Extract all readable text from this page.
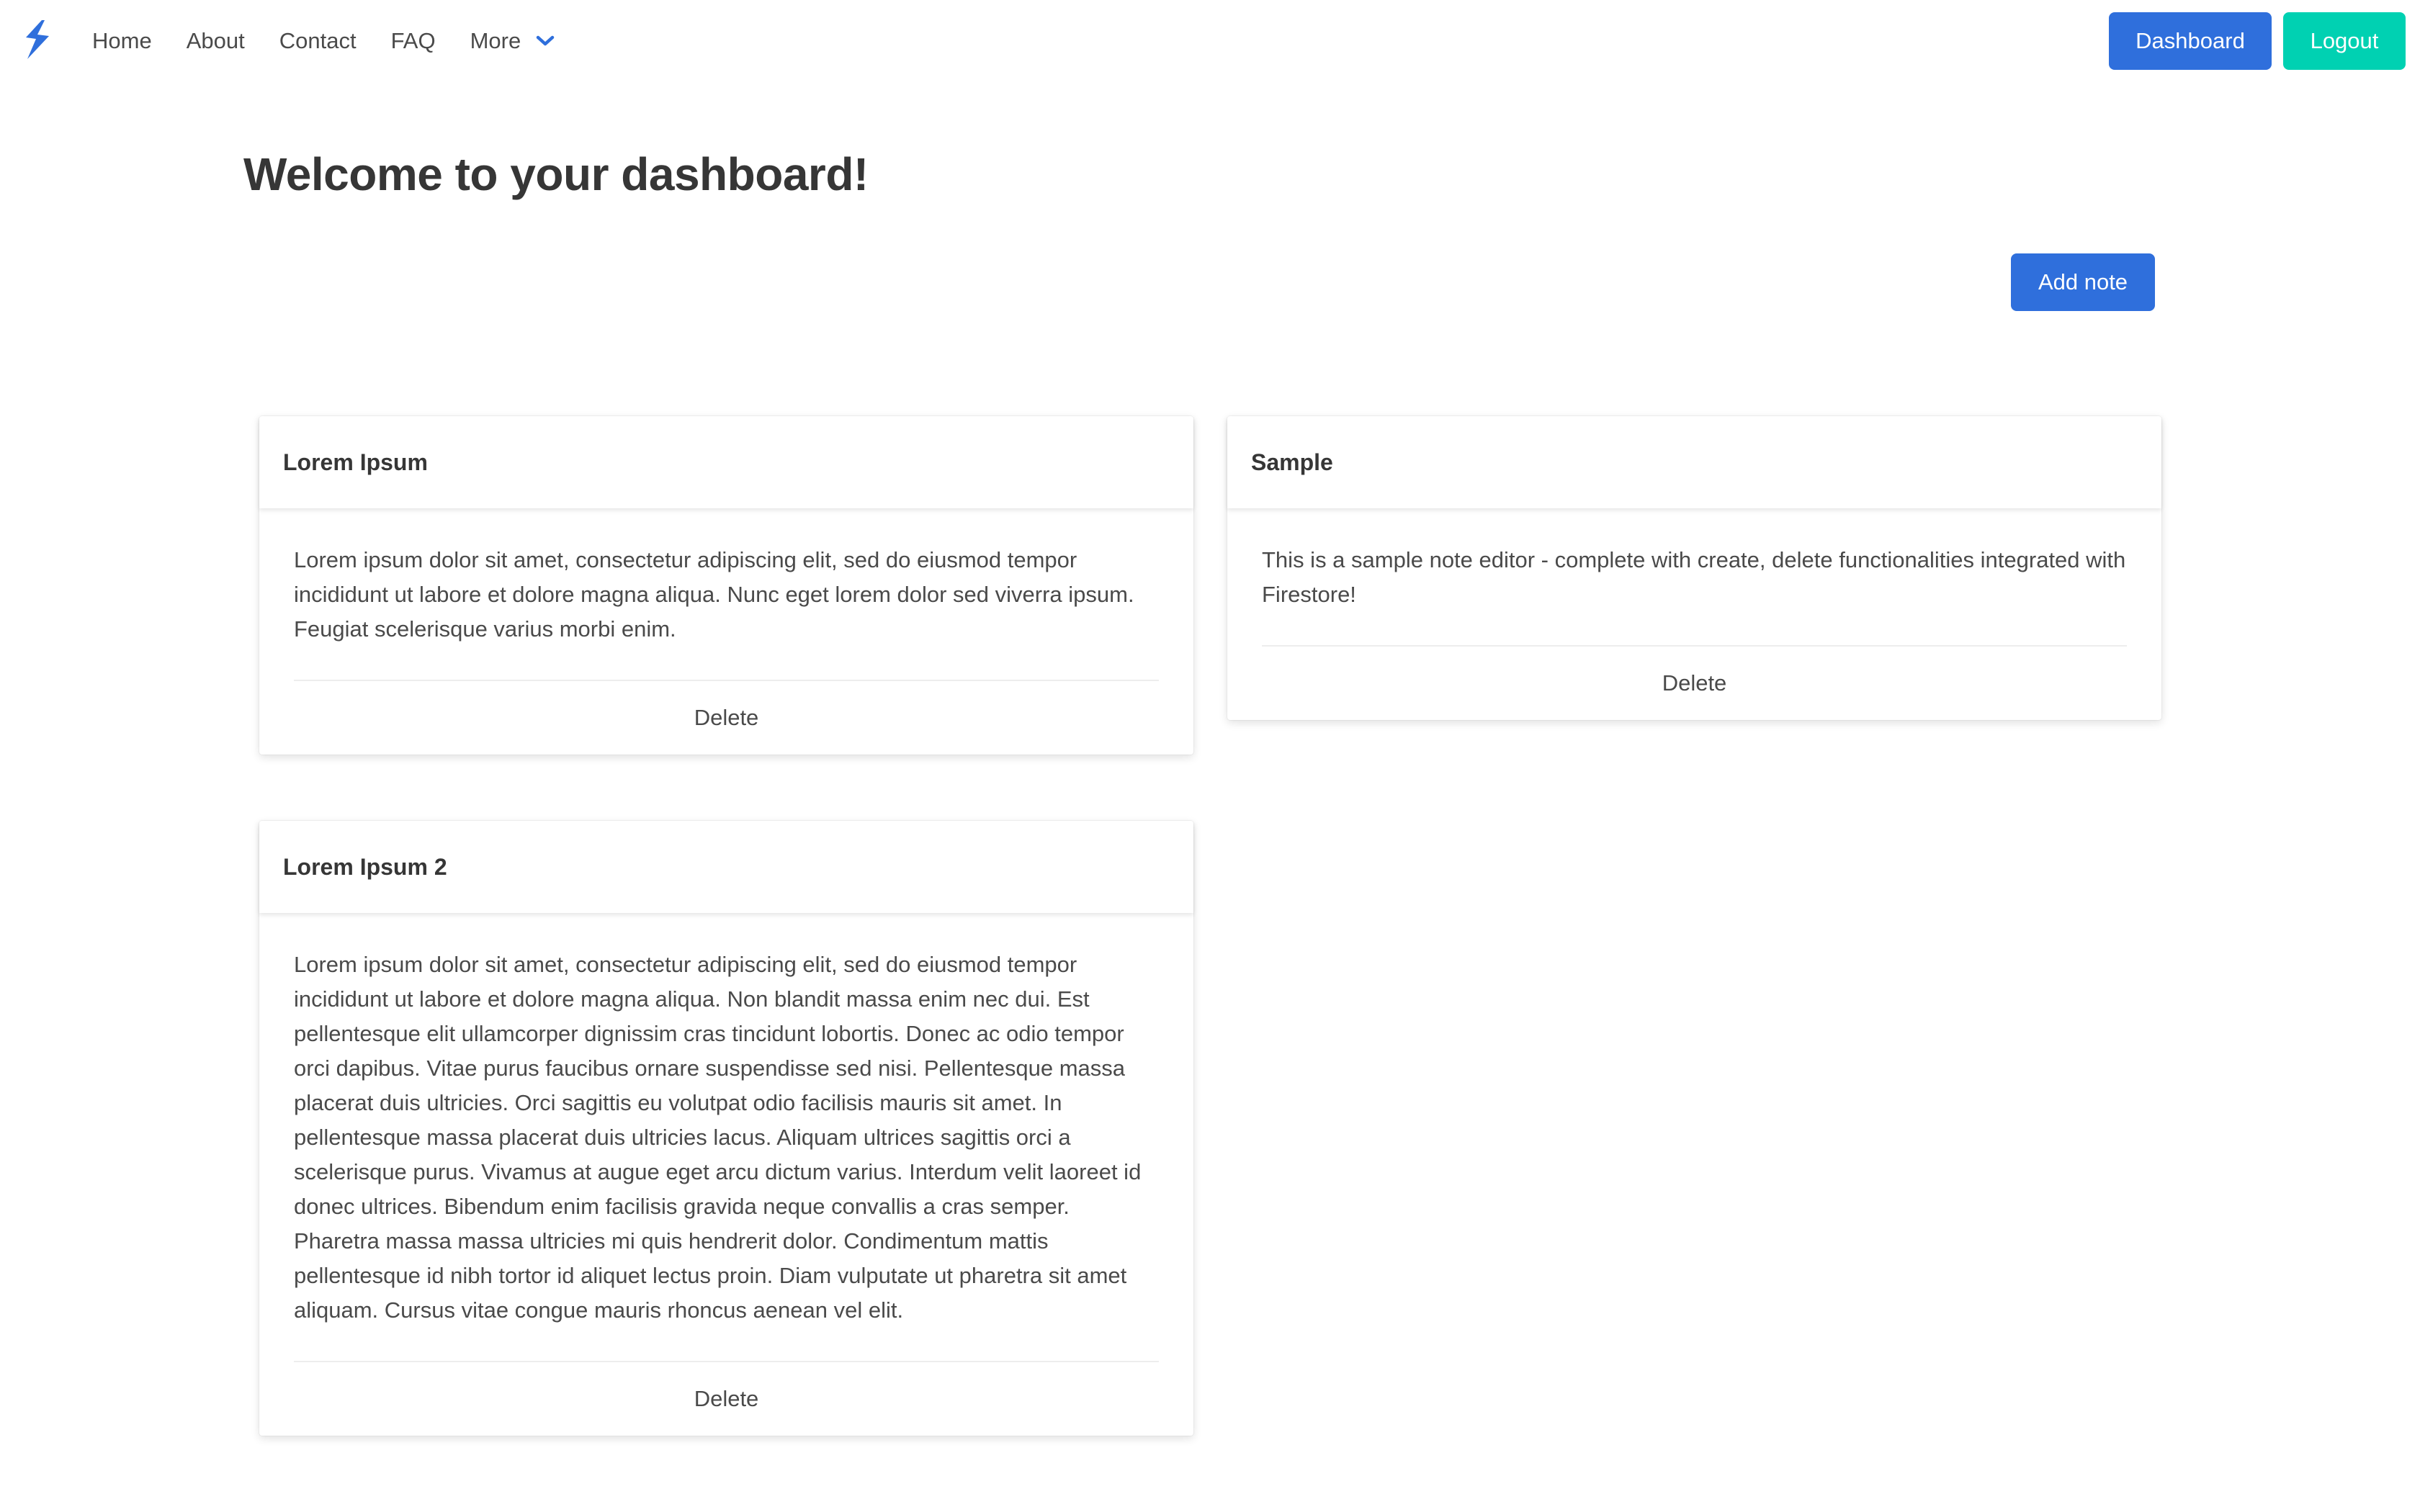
Home About Contact FAQ More	Dashboard	Logout
Welcome to your dashboard!
Add note
Lorem Ipsum

Lorem ipsum dolor sit amet, consectetur adipiscing elit, sed do eiusmod tempor incididunt ut labore et dolore magna aliqua. Nunc eget lorem dolor sed viverra ipsum. Feugiat scelerisque varius morbi enim.

Delete
Sample

This is a sample note editor - complete with create, delete functionalities integrated with Firestore!

Delete
Lorem Ipsum 2

Lorem ipsum dolor sit amet, consectetur adipiscing elit, sed do eiusmod tempor incididunt ut labore et dolore magna aliqua. Non blandit massa enim nec dui. Est pellentesque elit ullamcorper dignissim cras tincidunt lobortis. Donec ac odio tempor orci dapibus. Vitae purus faucibus ornare suspendisse sed nisi. Pellentesque massa placerat duis ultricies. Orci sagittis eu volutpat odio facilisis mauris sit amet. In pellentesque massa placerat duis ultricies lacus. Aliquam ultrices sagittis orci a scelerisque purus. Vivamus at augue eget arcu dictum varius. Interdum velit laoreet id donec ultrices. Bibendum enim facilisis gravida neque convallis a cras semper. Pharetra massa massa ultricies mi quis hendrerit dolor. Condimentum mattis pellentesque id nibh tortor id aliquet lectus proin. Diam vulputate ut pharetra sit amet aliquam. Cursus vitae congue mauris rhoncus aenean vel elit.

Delete
